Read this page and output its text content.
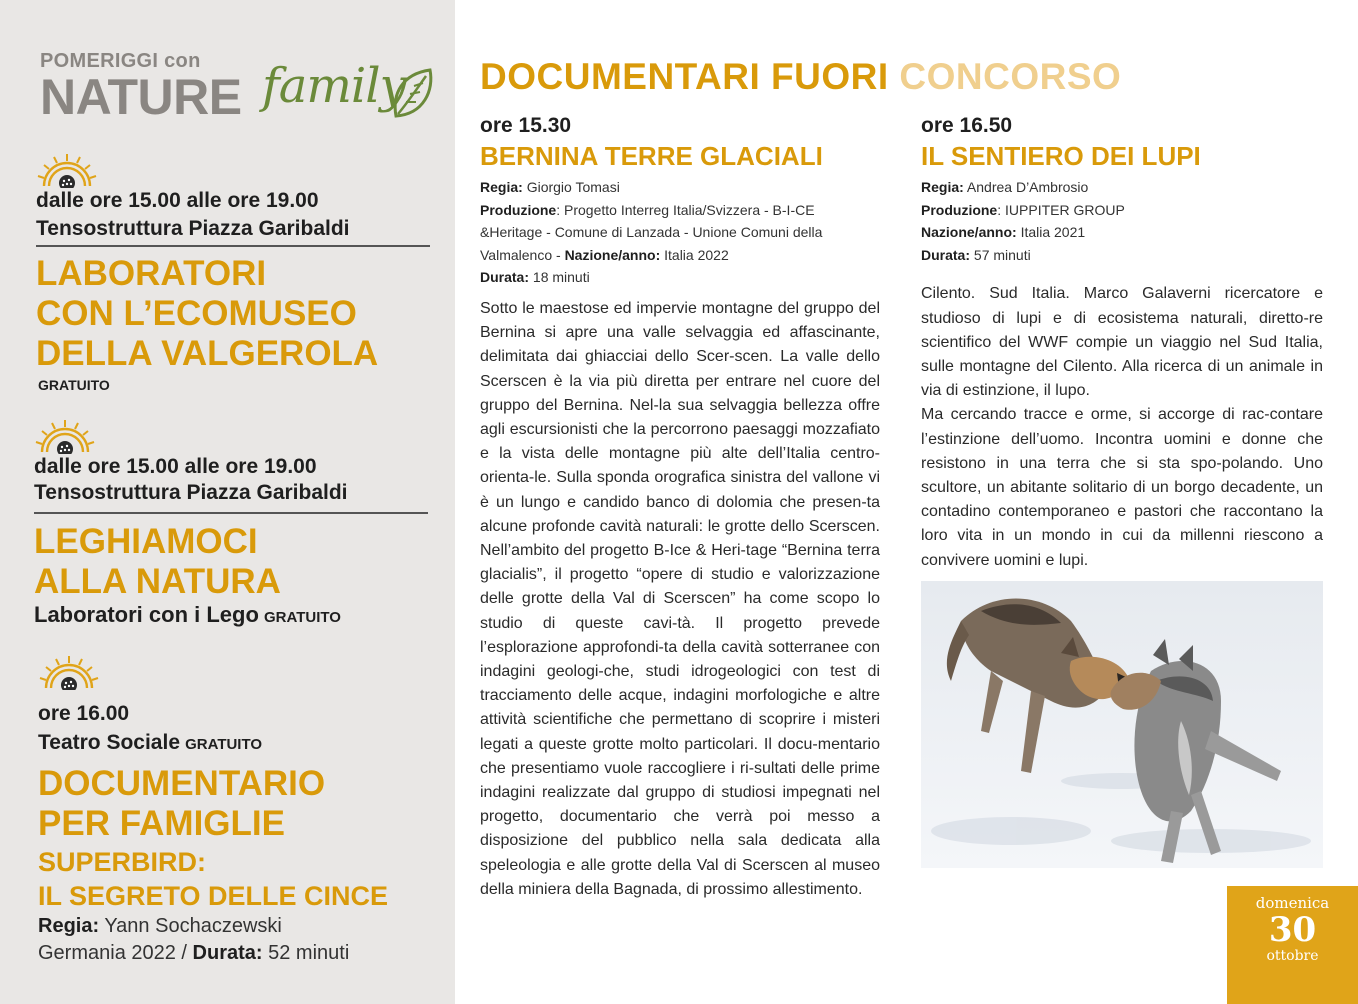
POMERIGGI con
NATURE family
dalle ore 15.00 alle ore 19.00
Tensostruttura Piazza Garibaldi
LABORATORI
CON L’ECOMUSEO
DELLA VALGEROLA
GRATUITO
dalle ore 15.00 alle ore 19.00
Tensostruttura Piazza Garibaldi
LEGHIAMOCI
ALLA NATURA
Laboratori con i Lego GRATUITO
ore 16.00
Teatro Sociale GRATUITO
DOCUMENTARIO
PER FAMIGLIE
SUPERBIRD:
IL SEGRETO DELLE CINCE
Regia: Yann Sochaczewski
Germania 2022 / Durata: 52 minuti
DOCUMENTARI FUORI CONCORSO
ore 15.30
BERNINA TERRE GLACIALI
Regia: Giorgio Tomasi
Produzione: Progetto Interreg Italia/Svizzera - B-I-CE &Heritage - Comune di Lanzada - Unione Comuni della Valmalenco - Nazione/anno: Italia 2022
Durata: 18 minuti

Sotto le maestose ed impervie montagne del gruppo del Bernina si apre una valle selvaggia ed affascinante, delimitata dai ghiacciai dello Scer-scen. La valle dello Scerscen è la via più diretta per entrare nel cuore del gruppo del Bernina. Nel-la sua selvaggia bellezza offre agli escursionisti che la percorrono paesaggi mozzafiato e la vista delle montagne più alte dell’Italia centro-orienta-le. Sulla sponda orografica sinistra del vallone vi è un lungo e candido banco di dolomia che presen-ta alcune profonde cavità naturali: le grotte dello Scerscen. Nell’ambito del progetto B-Ice & Heri-tage “Bernina terra glacialis”, il progetto “opere di studio e valorizzazione delle grotte della Val di Scerscen” ha come scopo lo studio di queste cavi-tà. Il progetto prevede l’esplorazione approfondi-ta della cavità sotterranee con indagini geologi-che, studi idrogeologici con test di tracciamento delle acque, indagini morfologiche e altre attività scientifiche che permettano di scoprire i misteri legati a queste grotte molto particolari. Il docu-mentario che presentiamo vuole raccogliere i ri-sultati delle prime indagini realizzate dal gruppo di studiosi impegnati nel progetto, documentario che verrà poi messo a disposizione del pubblico nella sala dedicata alla speleologia e alle grotte della Val di Scerscen al museo della miniera della Bagnada, di prossimo allestimento.

ore 16.50
IL SENTIERO DEI LUPI
Regia: Andrea D’Ambrosio
Produzione: IUPPITER GROUP
Nazione/anno: Italia 2021
Durata: 57 minuti

Cilento. Sud Italia. Marco Galaverni ricercatore e studioso di lupi e di ecosistema naturali, diretto-re scientifico del WWF compie un viaggio nel Sud Italia, sulle montagne del Cilento. Alla ricerca di un animale in via di estinzione, il lupo.

Ma cercando tracce e orme, si accorge di rac-contare l’estinzione dell’uomo. Incontra uomini e donne che resistono in una terra che si sta spo-polando. Uno scultore, un abitante solitario di un borgo decadente, un contadino contemporaneo e pastori che raccontano la loro vita in un mondo in cui da millenni riescono a convivere uomini e lupi.

domenica
30
ottobre
